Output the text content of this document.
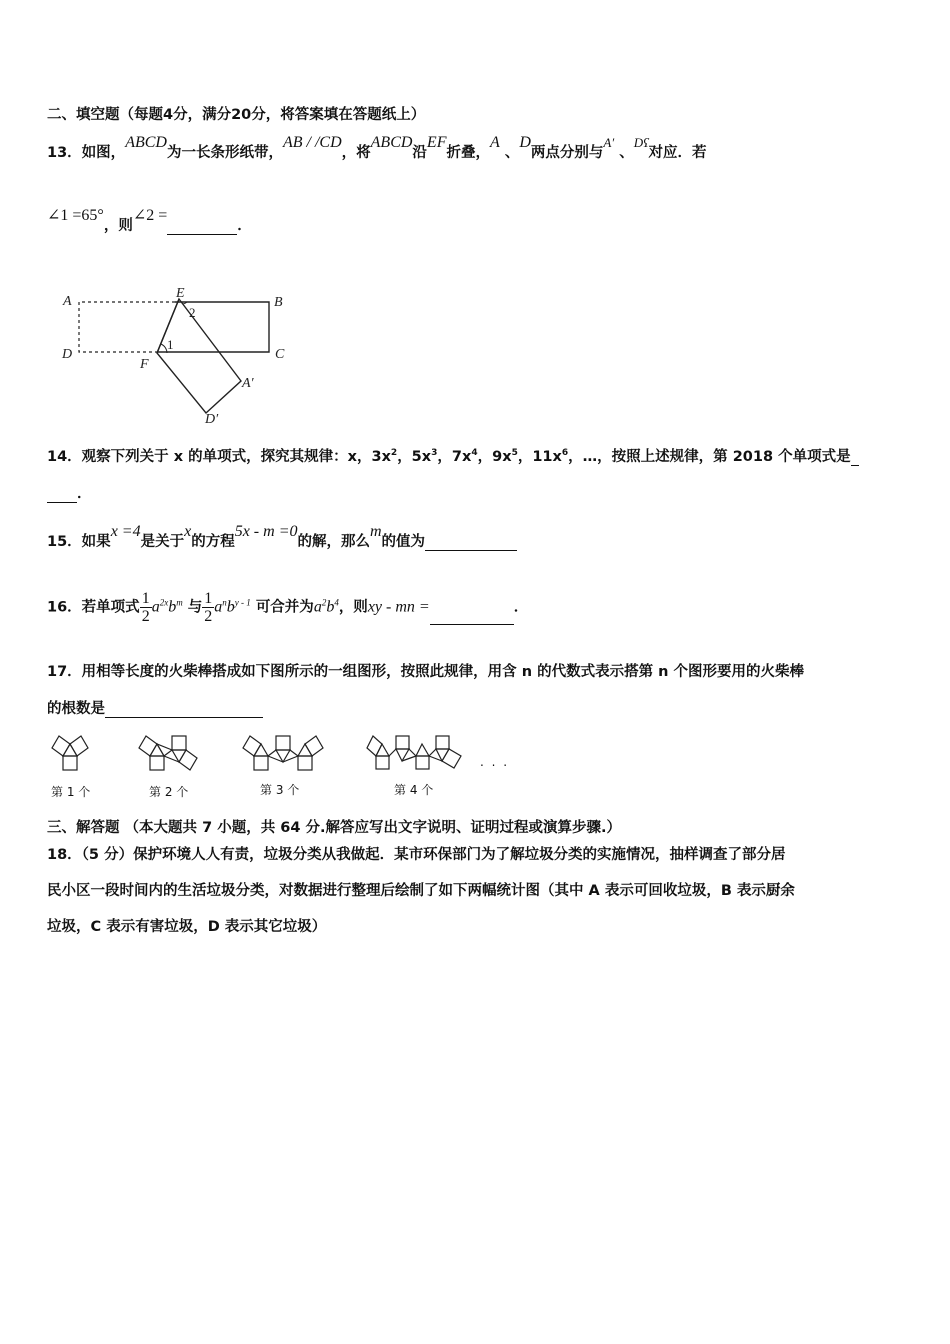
二、填空题（每题4分，满分20分，将答案填在答题纸上）
13．如图，ABCD为一长条形纸带，AB / /CD，将ABCD沿EF折叠，A 、D两点分别与A′ 、Dʕ对应．若
∠1 =65°，则∠2 =．
A
E
B
D
F
C
A′
D′
1
2
14．观察下列关于 x 的单项式，探究其规律：x，$3x^2$，$5x^3$，$7x^4$，$9x^5$，$11x^6$，…，按照上述规律，第 2018 个单项式是
．
15．如果x =4是关于x的方程5x - m =0的解，那么m的值为
16．若单项式 $\frac{1}{2} a^{2x}b^m$ 与 $\frac{1}{2} a^nb^{y - 1}$ 可合并为$a^2b^4$，则xy - mn =	．
17．用相等长度的火柴棒搭成如下图所示的一组图形，按照此规律，用含 n 的代数式表示搭第 n 个图形要用的火柴棒
的根数是
第 1 个	第 2 个	第 3 个	第 4 个
. . .
三、解答题 （本大题共 7 小题，共 64 分.解答应写出文字说明、证明过程或演算步骤.）
18．（5 分）保护环境人人有责，垃圾分类从我做起．某市环保部门为了解垃圾分类的实施情况，抽样调查了部分居
民小区一段时间内的生活垃圾分类，对数据进行整理后绘制了如下两幅统计图（其中 A 表示可回收垃圾，B 表示厨余
垃圾，C 表示有害垃圾，D 表示其它垃圾）
